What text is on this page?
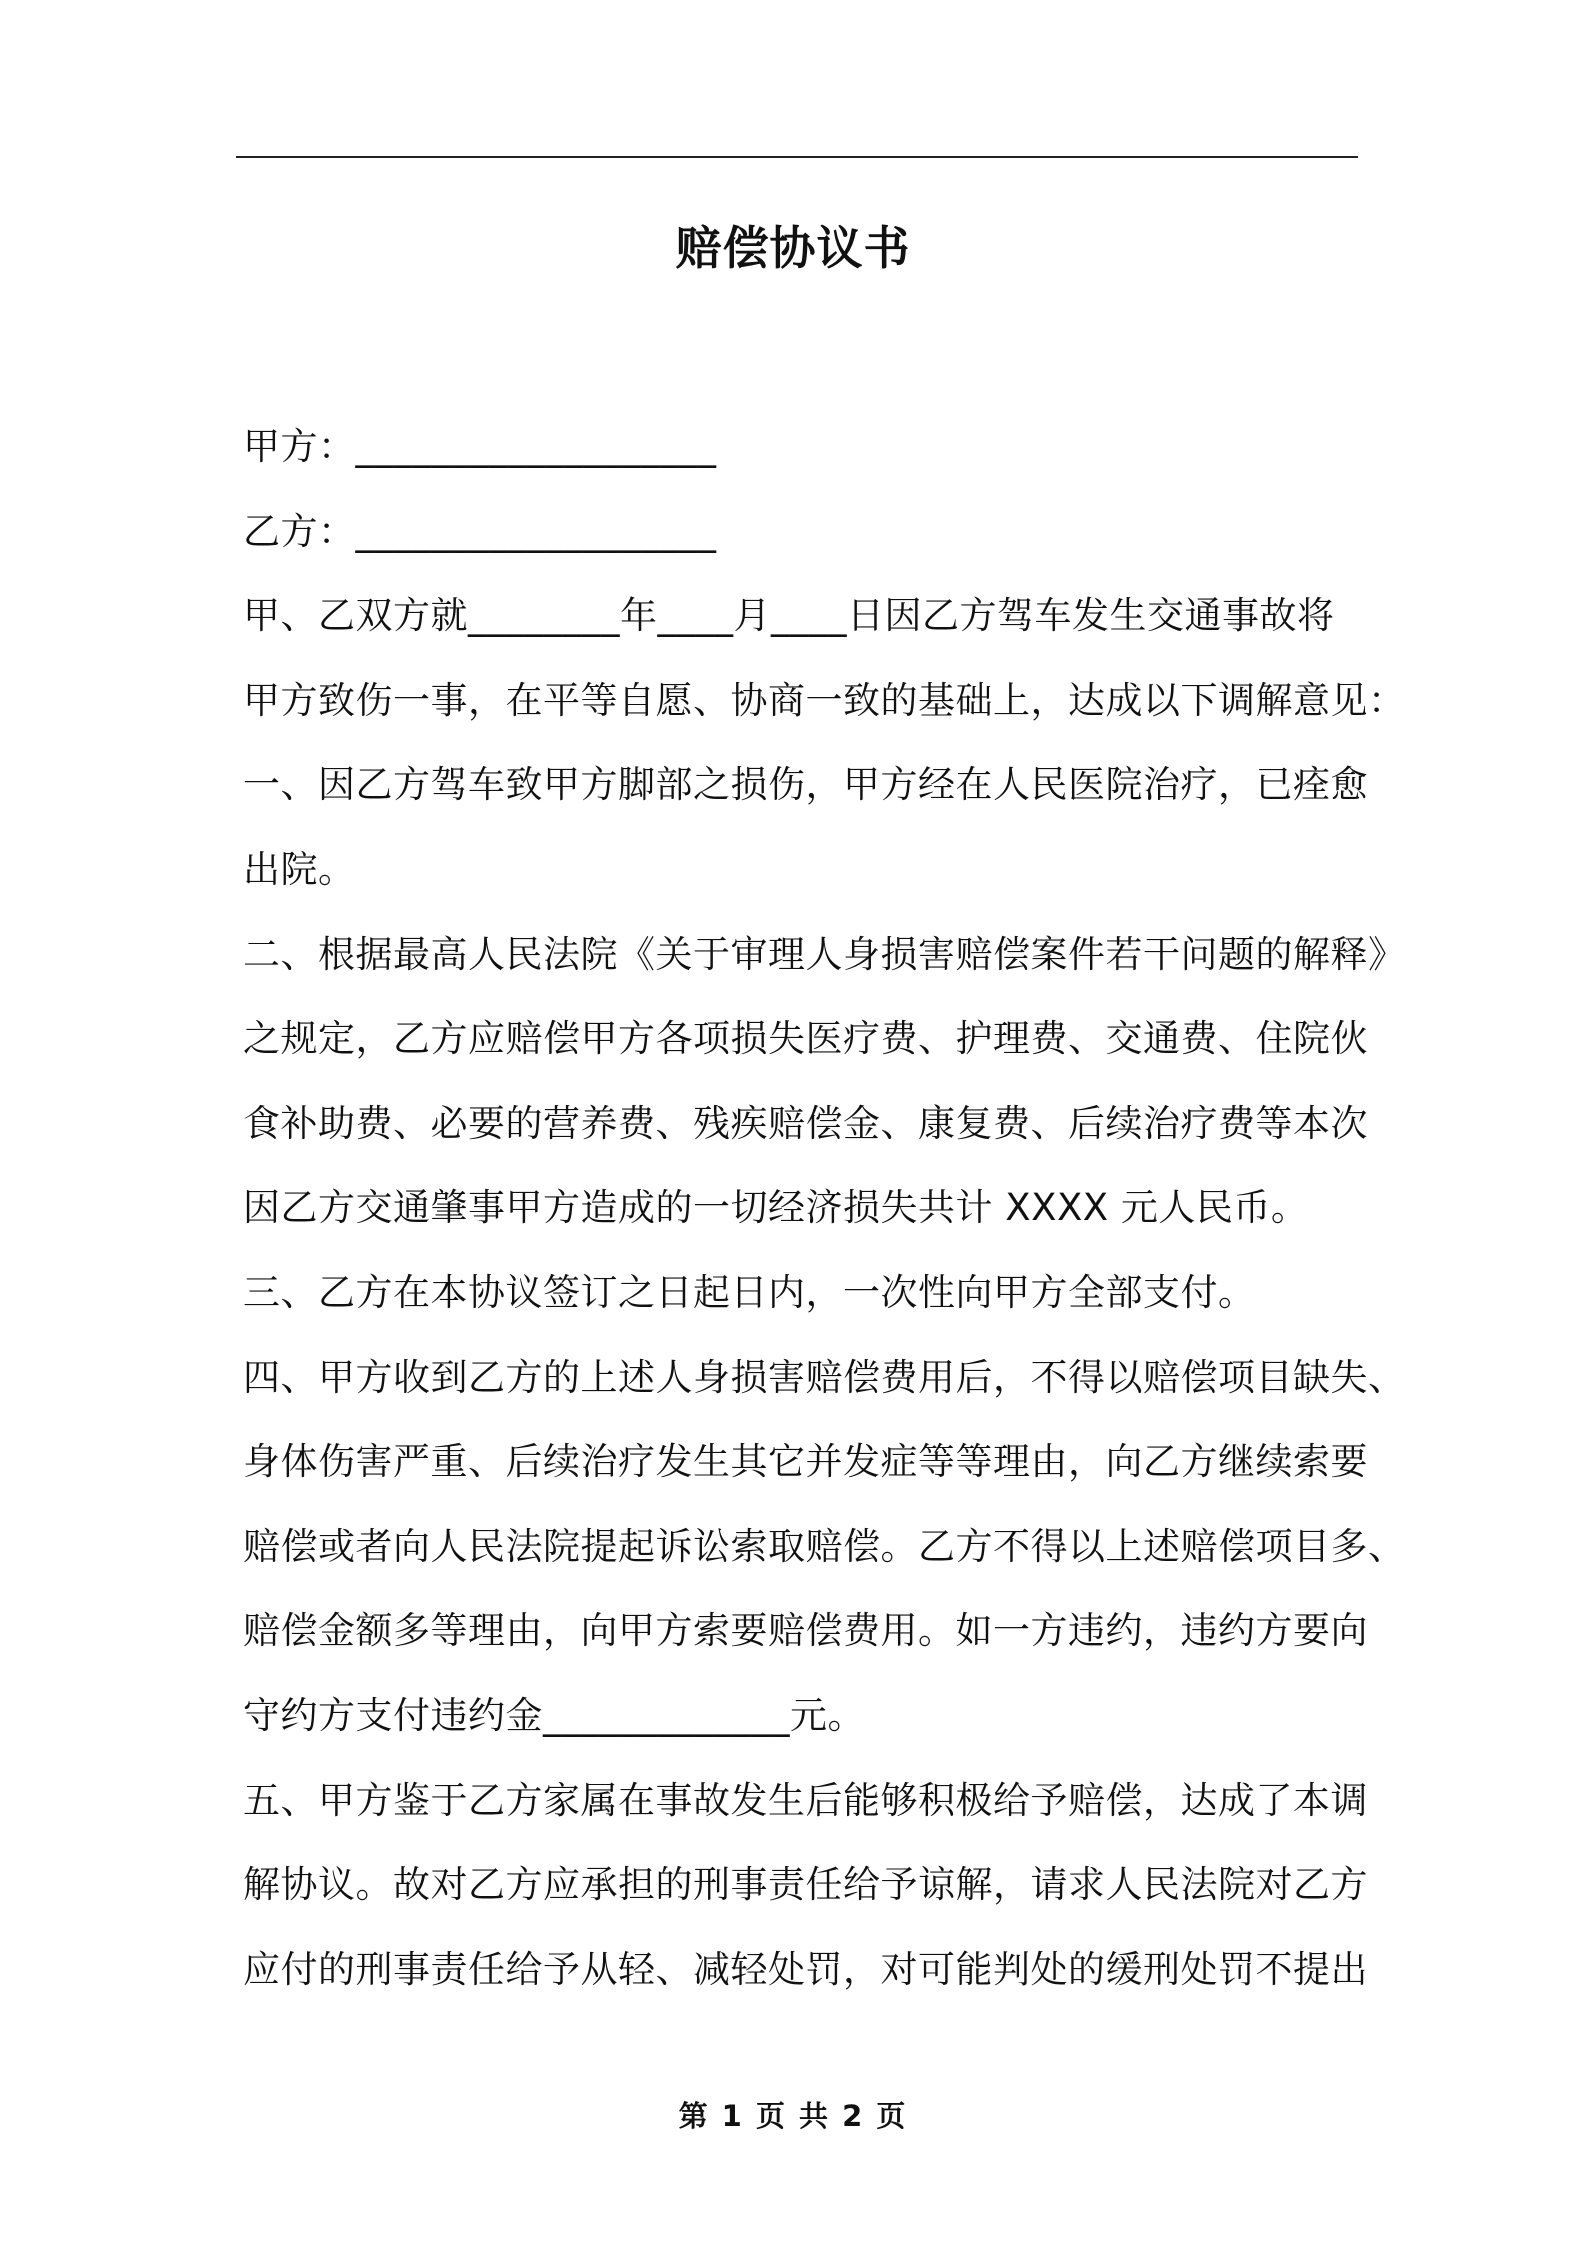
赔偿协议书
甲方：___________________
乙方：___________________
甲、乙双方就________年____月____日因乙方驾车发生交通事故将
甲方致伤一事，在平等自愿、协商一致的基础上，达成以下调解意见：
一、因乙方驾车致甲方脚部之损伤，甲方经在人民医院治疗，已痊愈
出院。
二、根据最高人民法院《关于审理人身损害赔偿案件若干问题的解释》
之规定，乙方应赔偿甲方各项损失医疗费、护理费、交通费、住院伙
食补助费、必要的营养费、残疾赔偿金、康复费、后续治疗费等本次
因乙方交通肇事甲方造成的一切经济损失共计 XXXX 元人民币。
三、乙方在本协议签订之日起日内，一次性向甲方全部支付。
四、甲方收到乙方的上述人身损害赔偿费用后，不得以赔偿项目缺失、
身体伤害严重、后续治疗发生其它并发症等等理由，向乙方继续索要
赔偿或者向人民法院提起诉讼索取赔偿。乙方不得以上述赔偿项目多、
赔偿金额多等理由，向甲方索要赔偿费用。如一方违约，违约方要向
守约方支付违约金_____________元。
五、甲方鉴于乙方家属在事故发生后能够积极给予赔偿，达成了本调
解协议。故对乙方应承担的刑事责任给予谅解，请求人民法院对乙方
应付的刑事责任给予从轻、减轻处罚，对可能判处的缓刑处罚不提出
第 1 页 共 2 页
